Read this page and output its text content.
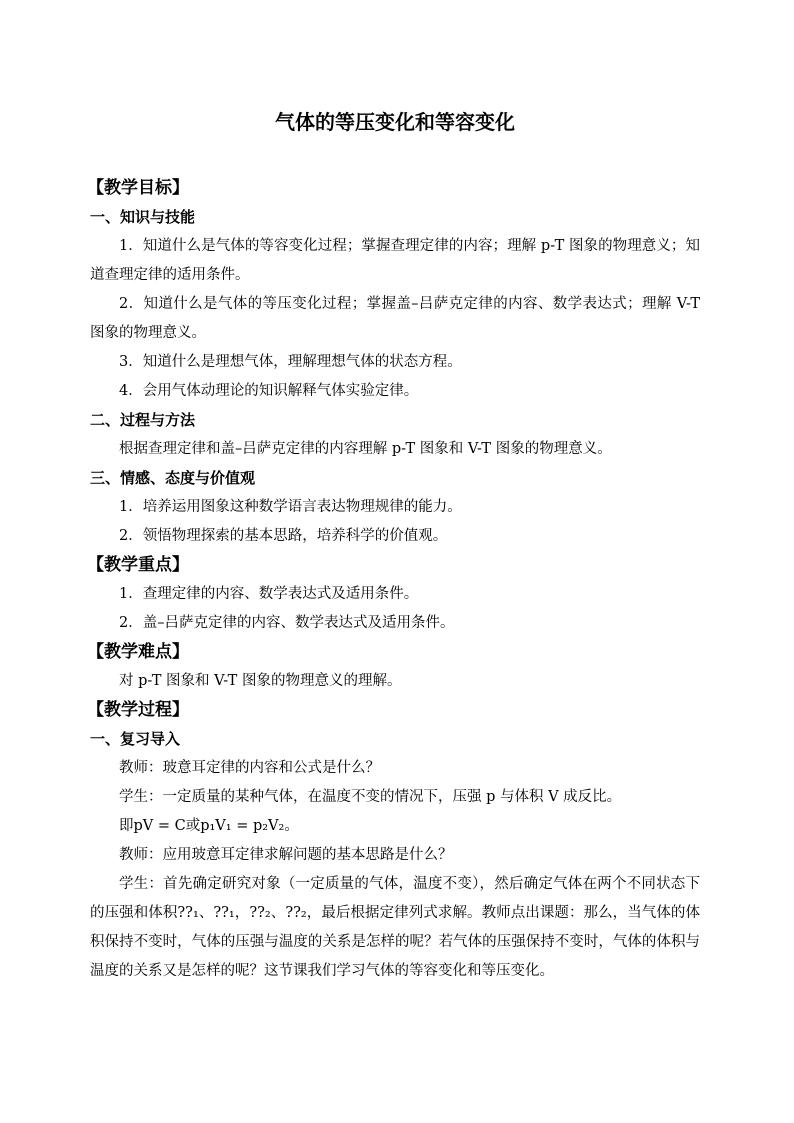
气体的等压变化和等容变化
【教学目标】
一、知识与技能
1．知道什么是气体的等容变化过程；掌握查理定律的内容；理解 p-T 图象的物理意义；知道查理定律的适用条件。
2．知道什么是气体的等压变化过程；掌握盖–吕萨克定律的内容、数学表达式；理解 V-T 图象的物理意义。
3．知道什么是理想气体，理解理想气体的状态方程。
4．会用气体动理论的知识解释气体实验定律。
二、过程与方法
根据查理定律和盖–吕萨克定律的内容理解 p-T 图象和 V-T 图象的物理意义。
三、情感、态度与价值观
1．培养运用图象这种数学语言表达物理规律的能力。
2．领悟物理探索的基本思路，培养科学的价值观。
【教学重点】
1．查理定律的内容、数学表达式及适用条件。
2．盖–吕萨克定律的内容、数学表达式及适用条件。
【教学难点】
对 p-T 图象和 V-T 图象的物理意义的理解。
【教学过程】
一、复习导入
教师：玻意耳定律的内容和公式是什么？
学生：一定质量的某种气体，在温度不变的情况下，压强 p 与体积 V 成反比。
即pV = C或p₁V₁ = p₂V₂。
教师：应用玻意耳定律求解问题的基本思路是什么？
学生：首先确定研究对象（一定质量的气体，温度不变），然后确定气体在两个不同状态下的压强和体积??₁、??₁，??₂、??₂，最后根据定律列式求解。教师点出课题：那么，当气体的体积保持不变时，气体的压强与温度的关系是怎样的呢？若气体的压强保持不变时，气体的体积与温度的关系又是怎样的呢？这节课我们学习气体的等容变化和等压变化。
